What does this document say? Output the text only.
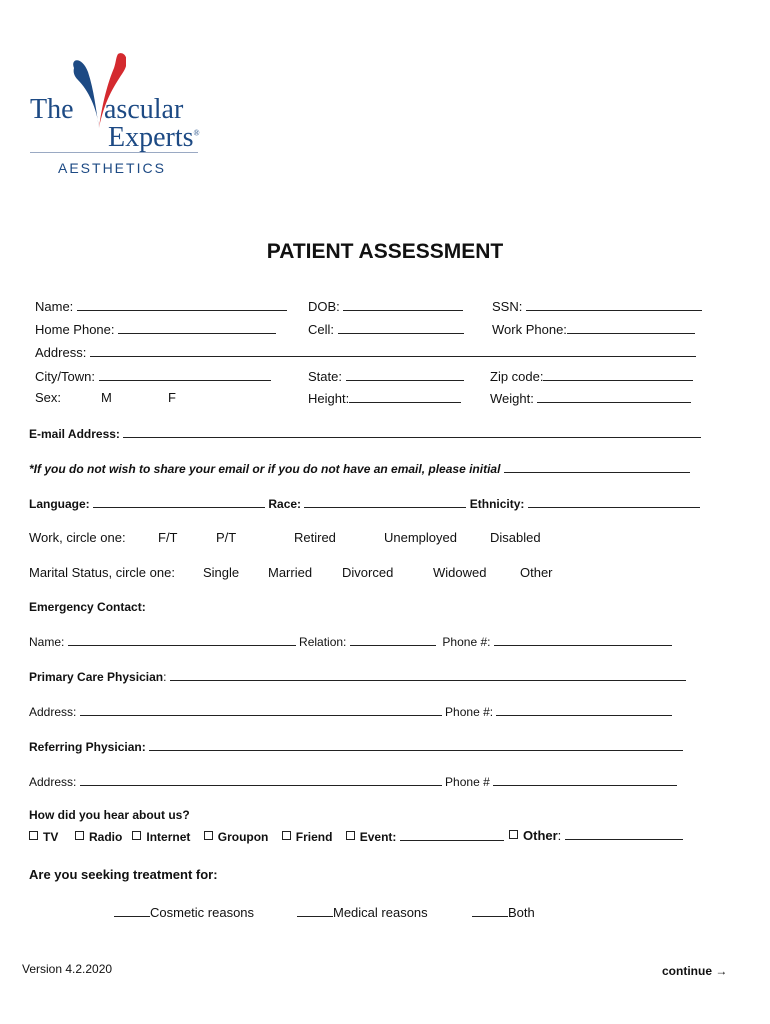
The ascular
Experts®
AESTHETICS
PATIENT ASSESSMENT
Name:	DOB:	SSN:
Home Phone:	Cell:	Work Phone:
Address:
City/Town:	State:	Zip code:
Sex:	M	F	Height:	Weight:
E-mail Address:
*If you do not wish to share your email or if you do not have an email, please initial
Language:	Race:	Ethnicity:
Work, circle one: F/T	P/T	Retired	Unemployed	Disabled
Marital Status, circle one: Single Married Divorced	Widowed	Other
Emergency Contact:
Name:	Relation:	Phone #:
Primary Care Physician:
Address:	Phone #:
Referring Physician:
Address:	Phone #
How did you hear about us?
TV	Radio Internet Groupon Friend Event:	Other:
Are you seeking treatment for:
Cosmetic reasons	Medical reasons	Both
Version 4.2.2020	continue →
